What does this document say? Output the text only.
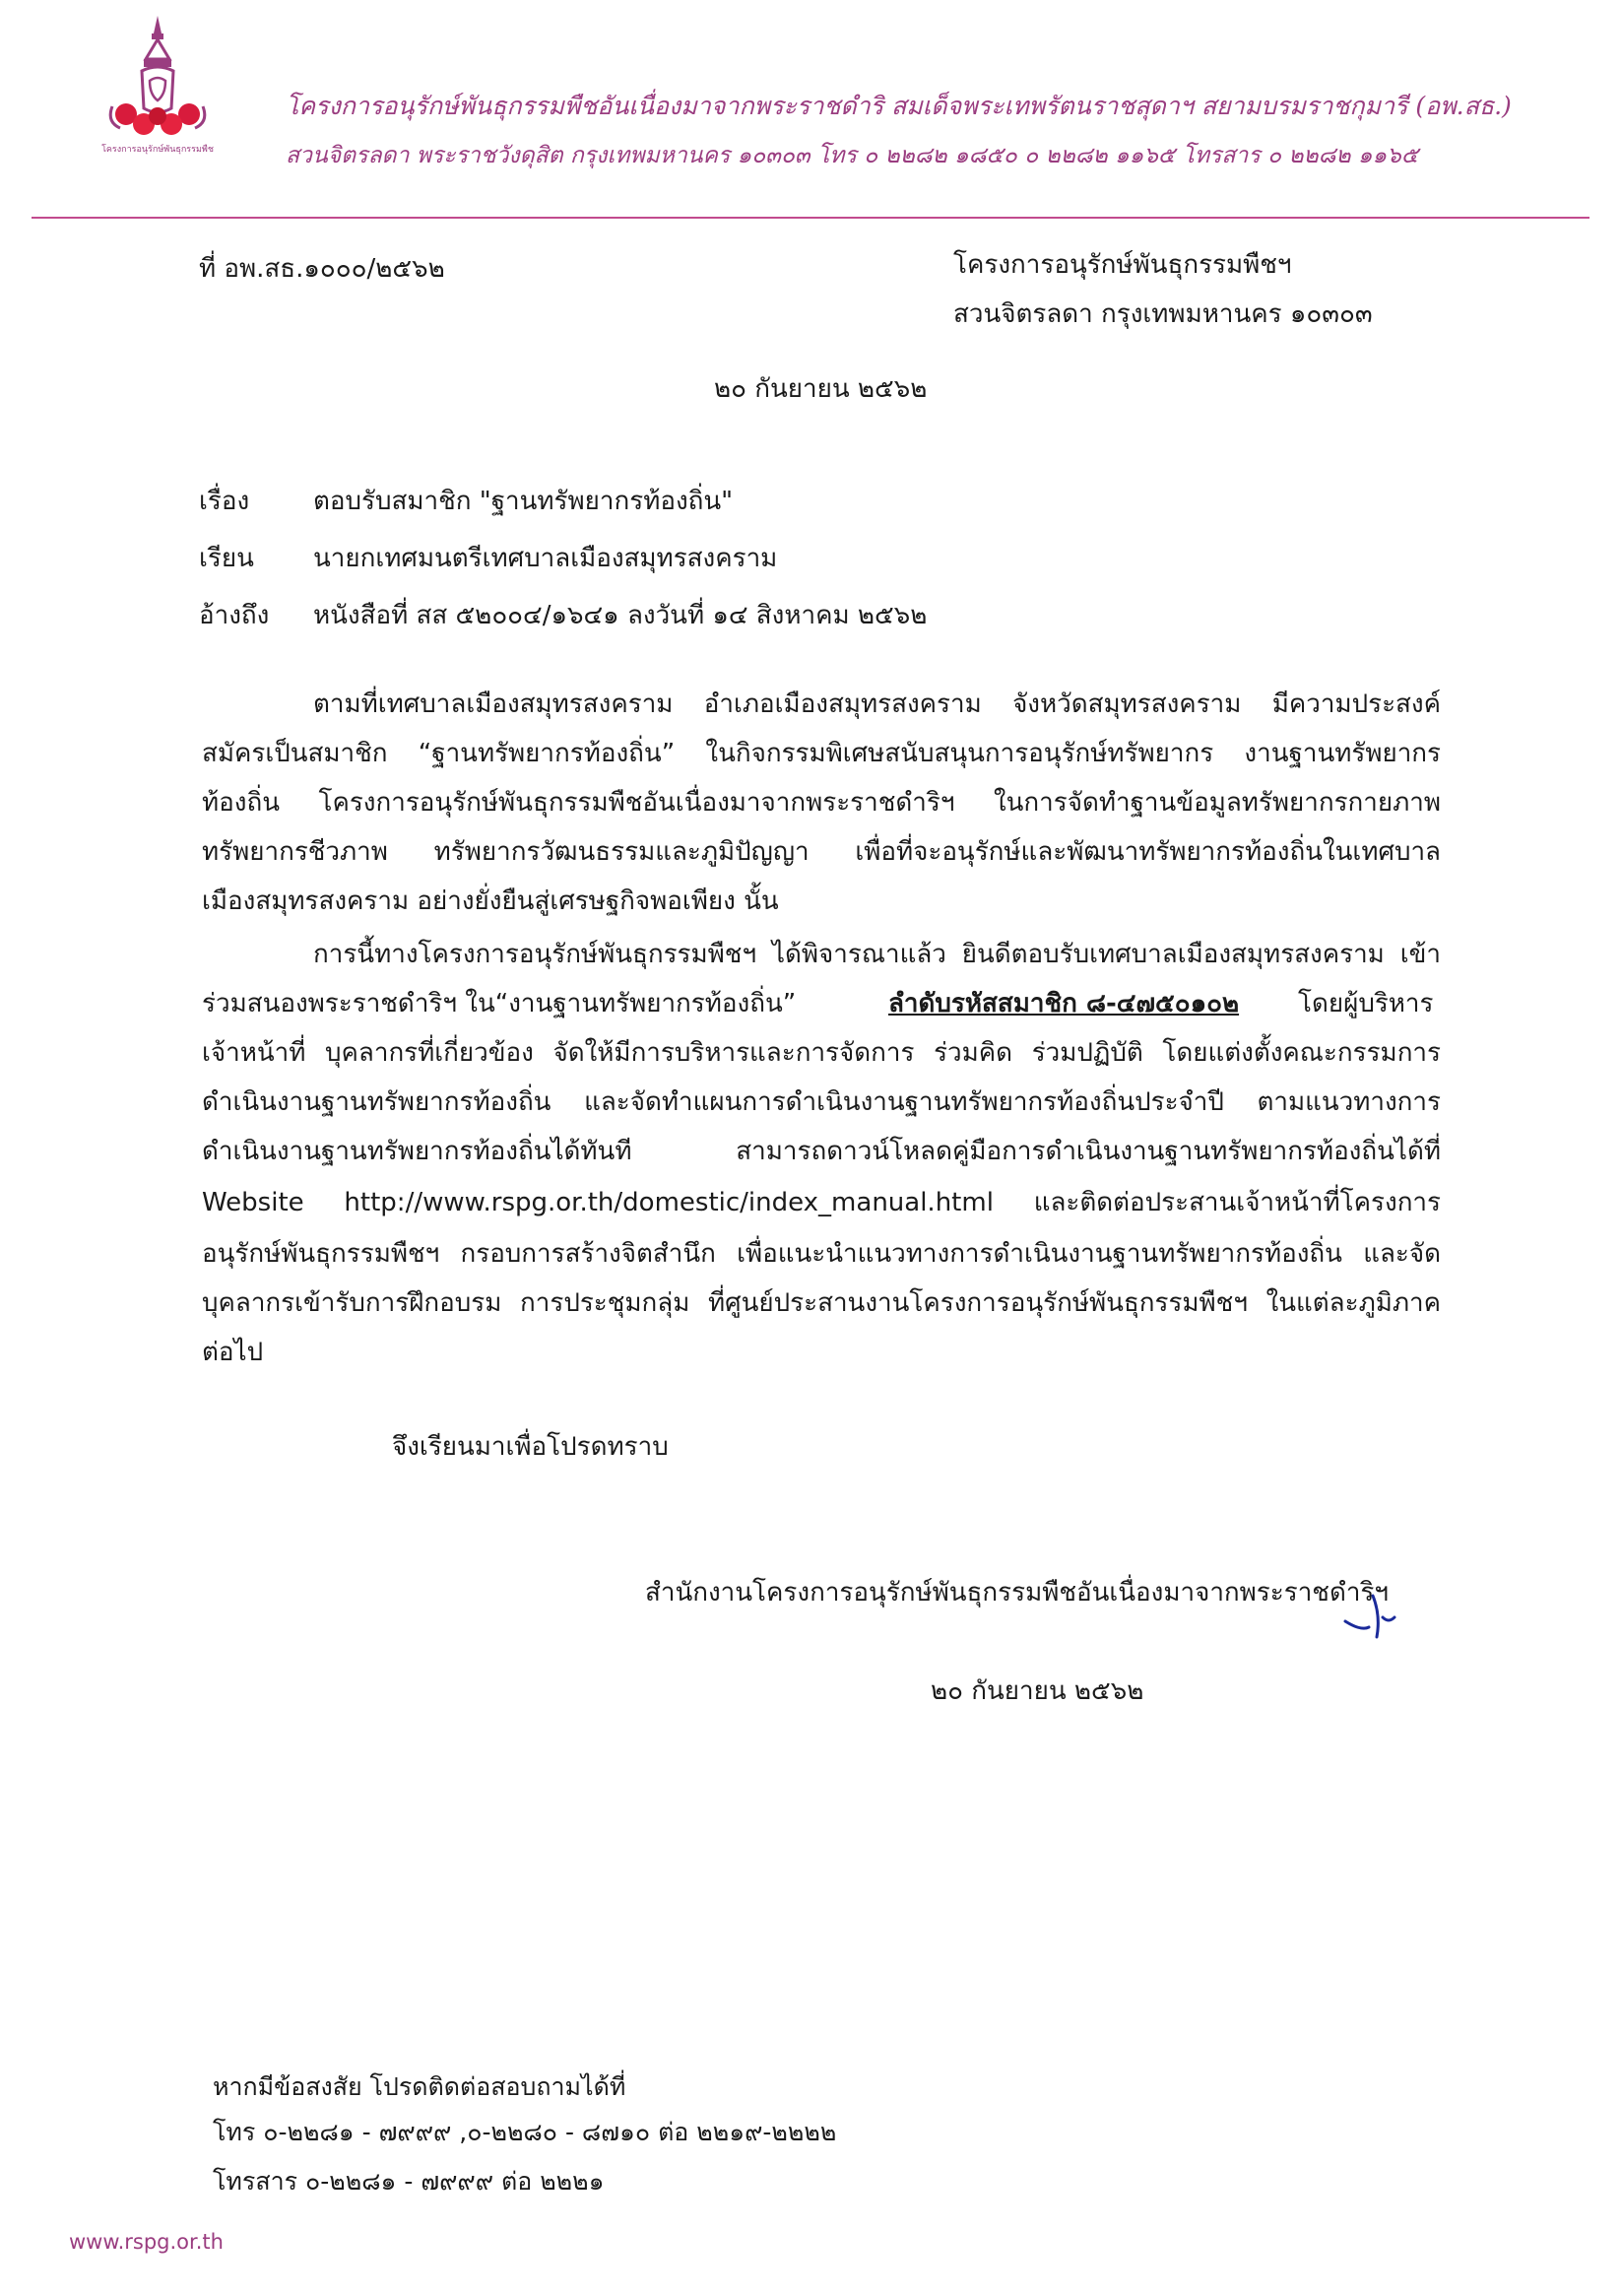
โครงการอนุรักษ์พันธุกรรมพืช
โครงการอนุรักษ์พันธุกรรมพืชอันเนื่องมาจากพระราชดำริ สมเด็จพระเทพรัตนราชสุดาฯ สยามบรมราชกุมารี (อพ.สธ.)
สวนจิตรลดา พระราชวังดุสิต กรุงเทพมหานคร ๑๐๓๐๓ โทร ๐ ๒๒๘๒ ๑๘๕๐ ๐ ๒๒๘๒ ๑๑๖๕ โทรสาร ๐ ๒๒๘๒ ๑๑๖๕
ที่ อพ.สธ.๑๐๐๐/๒๕๖๒	โครงการอนุรักษ์พันธุกรรมพืชฯ
สวนจิตรลดา กรุงเทพมหานคร ๑๐๓๐๓
๒๐ กันยายน ๒๕๖๒
เรื่อง	ตอบรับสมาชิก "ฐานทรัพยากรท้องถิ่น"
เรียน	นายกเทศมนตรีเทศบาลเมืองสมุทรสงคราม
อ้างถึง	หนังสือที่ สส ๕๒๐๐๔/๑๖๔๑ ลงวันที่ ๑๔ สิงหาคม ๒๕๖๒
ตามที่เทศบาลเมืองสมุทรสงคราม อำเภอเมืองสมุทรสงคราม จังหวัดสมุทรสงคราม มีความประสงค์
สมัครเป็นสมาชิก “ฐานทรัพยากรท้องถิ่น” ในกิจกรรมพิเศษสนับสนุนการอนุรักษ์ทรัพยากร งานฐานทรัพยากร
ท้องถิ่น โครงการอนุรักษ์พันธุกรรมพืชอันเนื่องมาจากพระราชดำริฯ ในการจัดทำฐานข้อมูลทรัพยากรกายภาพ
ทรัพยากรชีวภาพ ทรัพยากรวัฒนธรรมและภูมิปัญญา เพื่อที่จะอนุรักษ์และพัฒนาทรัพยากรท้องถิ่นในเทศบาล
เมืองสมุทรสงคราม อย่างยั่งยืนสู่เศรษฐกิจพอเพียง นั้น
การนี้ทางโครงการอนุรักษ์พันธุกรรมพืชฯ ได้พิจารณาแล้ว ยินดีตอบรับเทศบาลเมืองสมุทรสงคราม เข้า
ร่วมสนองพระราชดำริฯ ใน“งานฐานทรัพยากรท้องถิ่น”	ลำดับรหัสสมาชิก ๘-๔๗๕๐๑๐๒ โดยผู้บริหาร
เจ้าหน้าที่ บุคลากรที่เกี่ยวข้อง จัดให้มีการบริหารและการจัดการ ร่วมคิด ร่วมปฏิบัติ โดยแต่งตั้งคณะกรรมการ
ดำเนินงานฐานทรัพยากรท้องถิ่น และจัดทำแผนการดำเนินงานฐานทรัพยากรท้องถิ่นประจำปี ตามแนวทางการ
ดำเนินงานฐานทรัพยากรท้องถิ่นได้ทันที สามารถดาวน์โหลดคู่มือการดำเนินงานฐานทรัพยากรท้องถิ่นได้ที่
Website http://www.rspg.or.th/domestic/index_manual.html และติดต่อประสานเจ้าหน้าที่โครงการ
อนุรักษ์พันธุกรรมพืชฯ กรอบการสร้างจิตสำนึก เพื่อแนะนำแนวทางการดำเนินงานฐานทรัพยากรท้องถิ่น และจัด
บุคลากรเข้ารับการฝึกอบรม การประชุมกลุ่ม ที่ศูนย์ประสานงานโครงการอนุรักษ์พันธุกรรมพืชฯ ในแต่ละภูมิภาค
ต่อไป
จึงเรียนมาเพื่อโปรดทราบ
สำนักงานโครงการอนุรักษ์พันธุกรรมพืชอันเนื่องมาจากพระราชดำริฯ
๒๐ กันยายน ๒๕๖๒
หากมีข้อสงสัย โปรดติดต่อสอบถามได้ที่
โทร ๐-๒๒๘๑ - ๗๙๙๙ ,๐-๒๒๘๐ - ๘๗๑๐ ต่อ ๒๒๑๙-๒๒๒๒
โทรสาร ๐-๒๒๘๑ - ๗๙๙๙ ต่อ ๒๒๒๑
www.rspg.or.th
